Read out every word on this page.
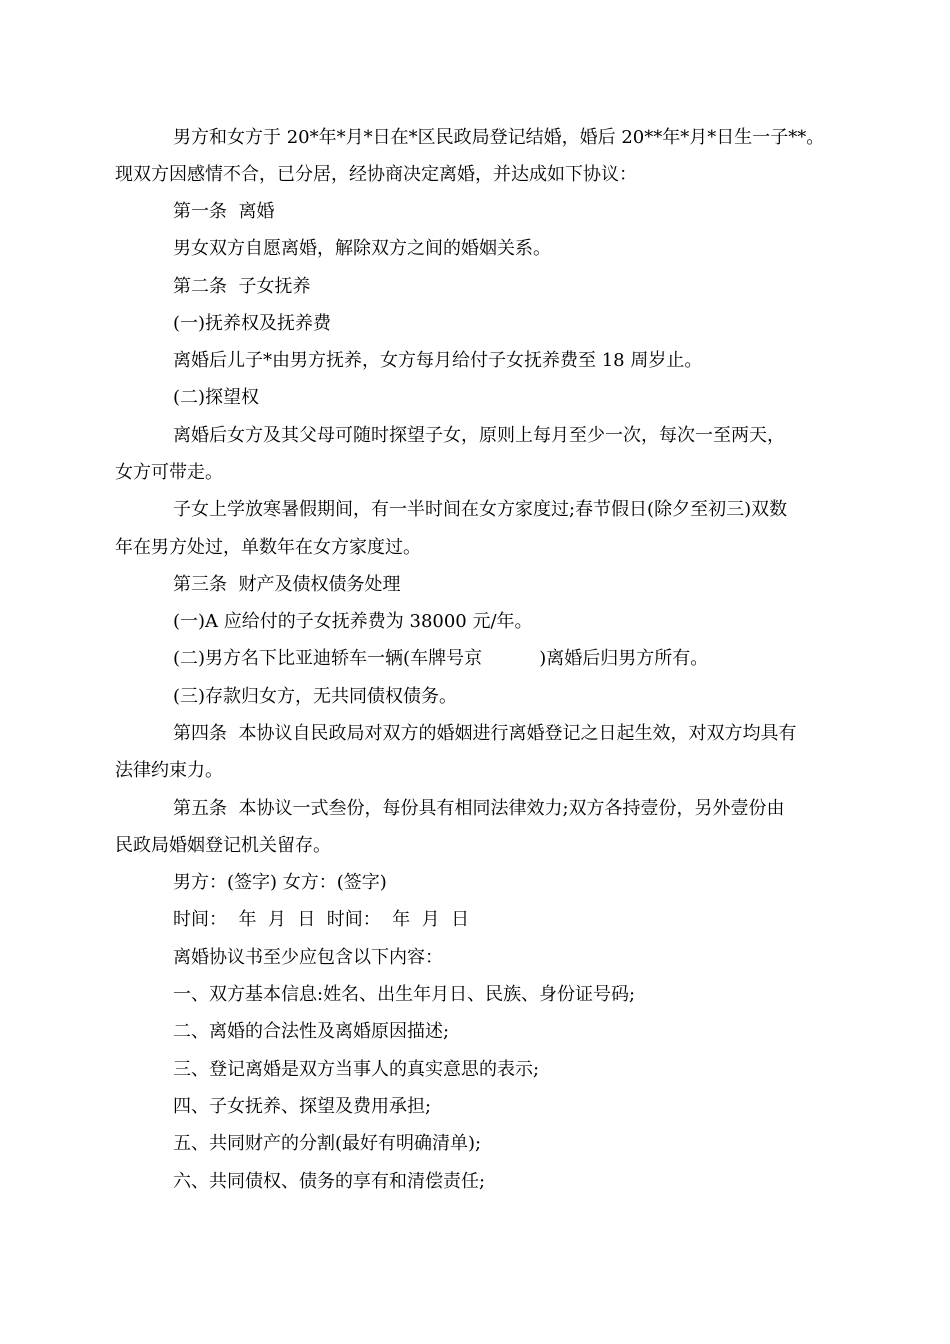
男方和女方于 20*年*月*日在*区民政局登记结婚，婚后 20**年*月*日生一子**。
现双方因感情不合，已分居，经协商决定离婚，并达成如下协议：
第一条  离婚
男女双方自愿离婚，解除双方之间的婚姻关系。
第二条  子女抚养
(一)抚养权及抚养费
离婚后儿子*由男方抚养，女方每月给付子女抚养费至 18 周岁止。
(二)探望权
离婚后女方及其父母可随时探望子女，原则上每月至少一次，每次一至两天，
女方可带走。
子女上学放寒暑假期间，有一半时间在女方家度过;春节假日(除夕至初三)双数
年在男方处过，单数年在女方家度过。
第三条  财产及债权债务处理
(一)A 应给付的子女抚养费为 38000 元/年。
(二)男方名下比亚迪轿车一辆(车牌号京          )离婚后归男方所有。
(三)存款归女方，无共同债权债务。
第四条  本协议自民政局对双方的婚姻进行离婚登记之日起生效，对双方均具有
法律约束力。
第五条  本协议一式叁份，每份具有相同法律效力;双方各持壹份，另外壹份由
民政局婚姻登记机关留存。
男方：(签字) 女方：(签字)
时间：  年  月  日  时间：  年  月  日
离婚协议书至少应包含以下内容：
一、双方基本信息:姓名、出生年月日、民族、身份证号码;
二、离婚的合法性及离婚原因描述;
三、登记离婚是双方当事人的真实意思的表示;
四、子女抚养、探望及费用承担;
五、共同财产的分割(最好有明确清单);
六、共同债权、债务的享有和清偿责任;
